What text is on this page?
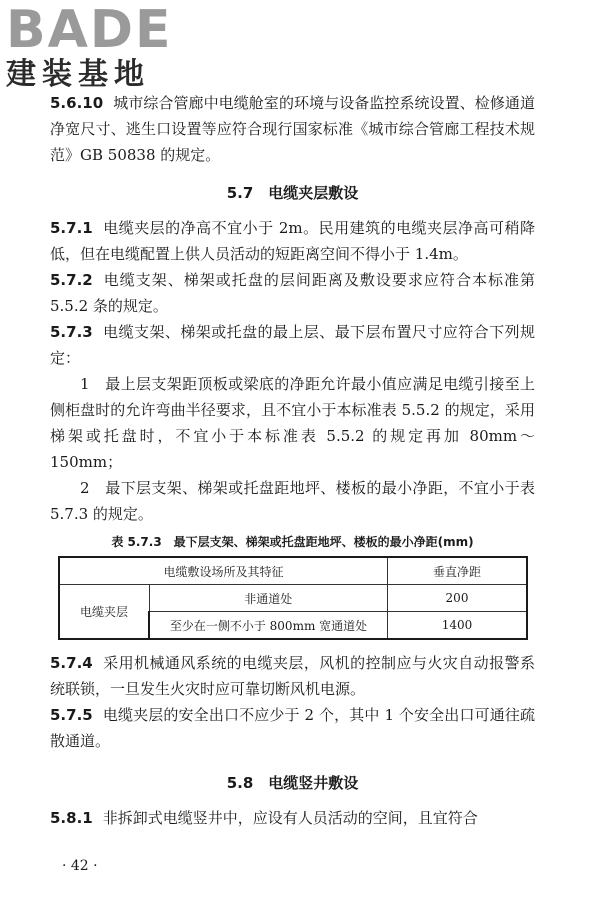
BADE
建装基地

5.6.10 城市综合管廊中电缆舱室的环境与设备监控系统设置、检修通道净宽尺寸、逃生口设置等应符合现行国家标准《城市综合管廊工程技术规范》GB 50838 的规定。

5.7　电缆夹层敷设

5.7.1 电缆夹层的净高不宜小于 2m。民用建筑的电缆夹层净高可稍降低，但在电缆配置上供人员活动的短距离空间不得小于 1.4m。

5.7.2 电缆支架、梯架或托盘的层间距离及敷设要求应符合本标准第 5.5.2 条的规定。

5.7.3 电缆支架、梯架或托盘的最上层、最下层布置尺寸应符合下列规定：

1　最上层支架距顶板或梁底的净距允许最小值应满足电缆引接至上侧柜盘时的允许弯曲半径要求，且不宜小于本标准表 5.5.2 的规定，采用梯架或托盘时，不宜小于本标准表 5.5.2 的规定再加 80mm～150mm；

2　最下层支架、梯架或托盘距地坪、楼板的最小净距，不宜小于表 5.7.3 的规定。

表 5.7.3　最下层支架、梯架或托盘距地坪、楼板的最小净距(mm)
电缆敷设场所及其特征		垂直净距
电缆夹层	非通道处	200
	至少在一侧不小于 800mm 宽通道处	1400

5.7.4 采用机械通风系统的电缆夹层，风机的控制应与火灾自动报警系统联锁，一旦发生火灾时应可靠切断风机电源。

5.7.5 电缆夹层的安全出口不应少于 2 个，其中 1 个安全出口可通往疏散通道。

5.8　电缆竖井敷设

5.8.1 非拆卸式电缆竖井中，应设有人员活动的空间，且宜符合

· 42 ·
